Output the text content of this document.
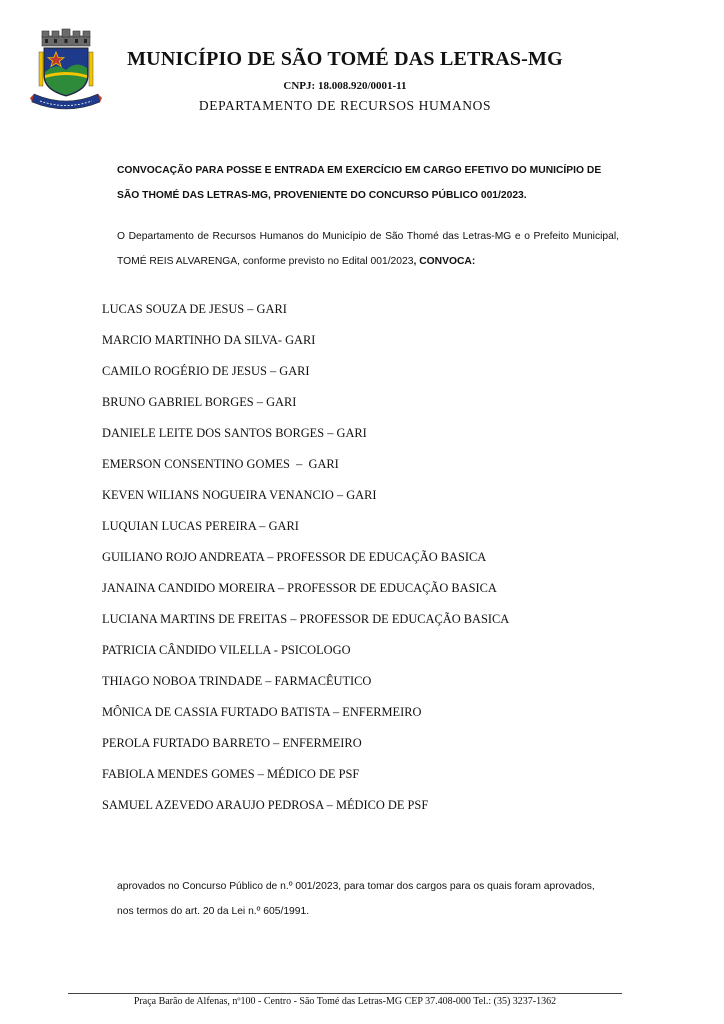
MUNICÍPIO DE SÃO TOMÉ DAS LETRAS-MG
CNPJ: 18.008.920/0001-11
DEPARTAMENTO DE RECURSOS HUMANOS
CONVOCAÇÃO PARA POSSE E ENTRADA EM EXERCÍCIO EM CARGO EFETIVO DO MUNICÍPIO DE SÃO THOMÉ DAS LETRAS-MG, PROVENIENTE DO CONCURSO PÚBLICO 001/2023.
O Departamento de Recursos Humanos do Município de São Thomé das Letras-MG e o Prefeito Municipal, TOMÉ REIS ALVARENGA, conforme previsto no Edital 001/2023, CONVOCA:
LUCAS SOUZA DE JESUS – GARI
MARCIO MARTINHO DA SILVA- GARI
CAMILO ROGÉRIO DE JESUS – GARI
BRUNO GABRIEL BORGES – GARI
DANIELE LEITE DOS SANTOS BORGES – GARI
EMERSON CONSENTINO GOMES  –  GARI
KEVEN WILIANS NOGUEIRA VENANCIO – GARI
LUQUIAN LUCAS PEREIRA – GARI
GUILIANO ROJO ANDREATA – PROFESSOR DE EDUCAÇÃO BASICA
JANAINA CANDIDO MOREIRA – PROFESSOR DE EDUCAÇÃO BASICA
LUCIANA MARTINS DE FREITAS – PROFESSOR DE EDUCAÇÃO BASICA
PATRICIA CÂNDIDO VILELLA - PSICOLOGO
THIAGO NOBOA TRINDADE – FARMACÊUTICO
MÔNICA DE CASSIA FURTADO BATISTA – ENFERMEIRO
PEROLA FURTADO BARRETO – ENFERMEIRO
FABIOLA MENDES GOMES – MÉDICO DE PSF
SAMUEL AZEVEDO ARAUJO PEDROSA – MÉDICO DE PSF
aprovados no Concurso Público de n.º 001/2023, para tomar dos cargos para os quais foram aprovados,
nos termos do art. 20 da Lei n.º 605/1991.
Praça Barão de Alfenas, nº100 - Centro - São Tomé das Letras-MG CEP 37.408-000 Tel.: (35) 3237-1362
